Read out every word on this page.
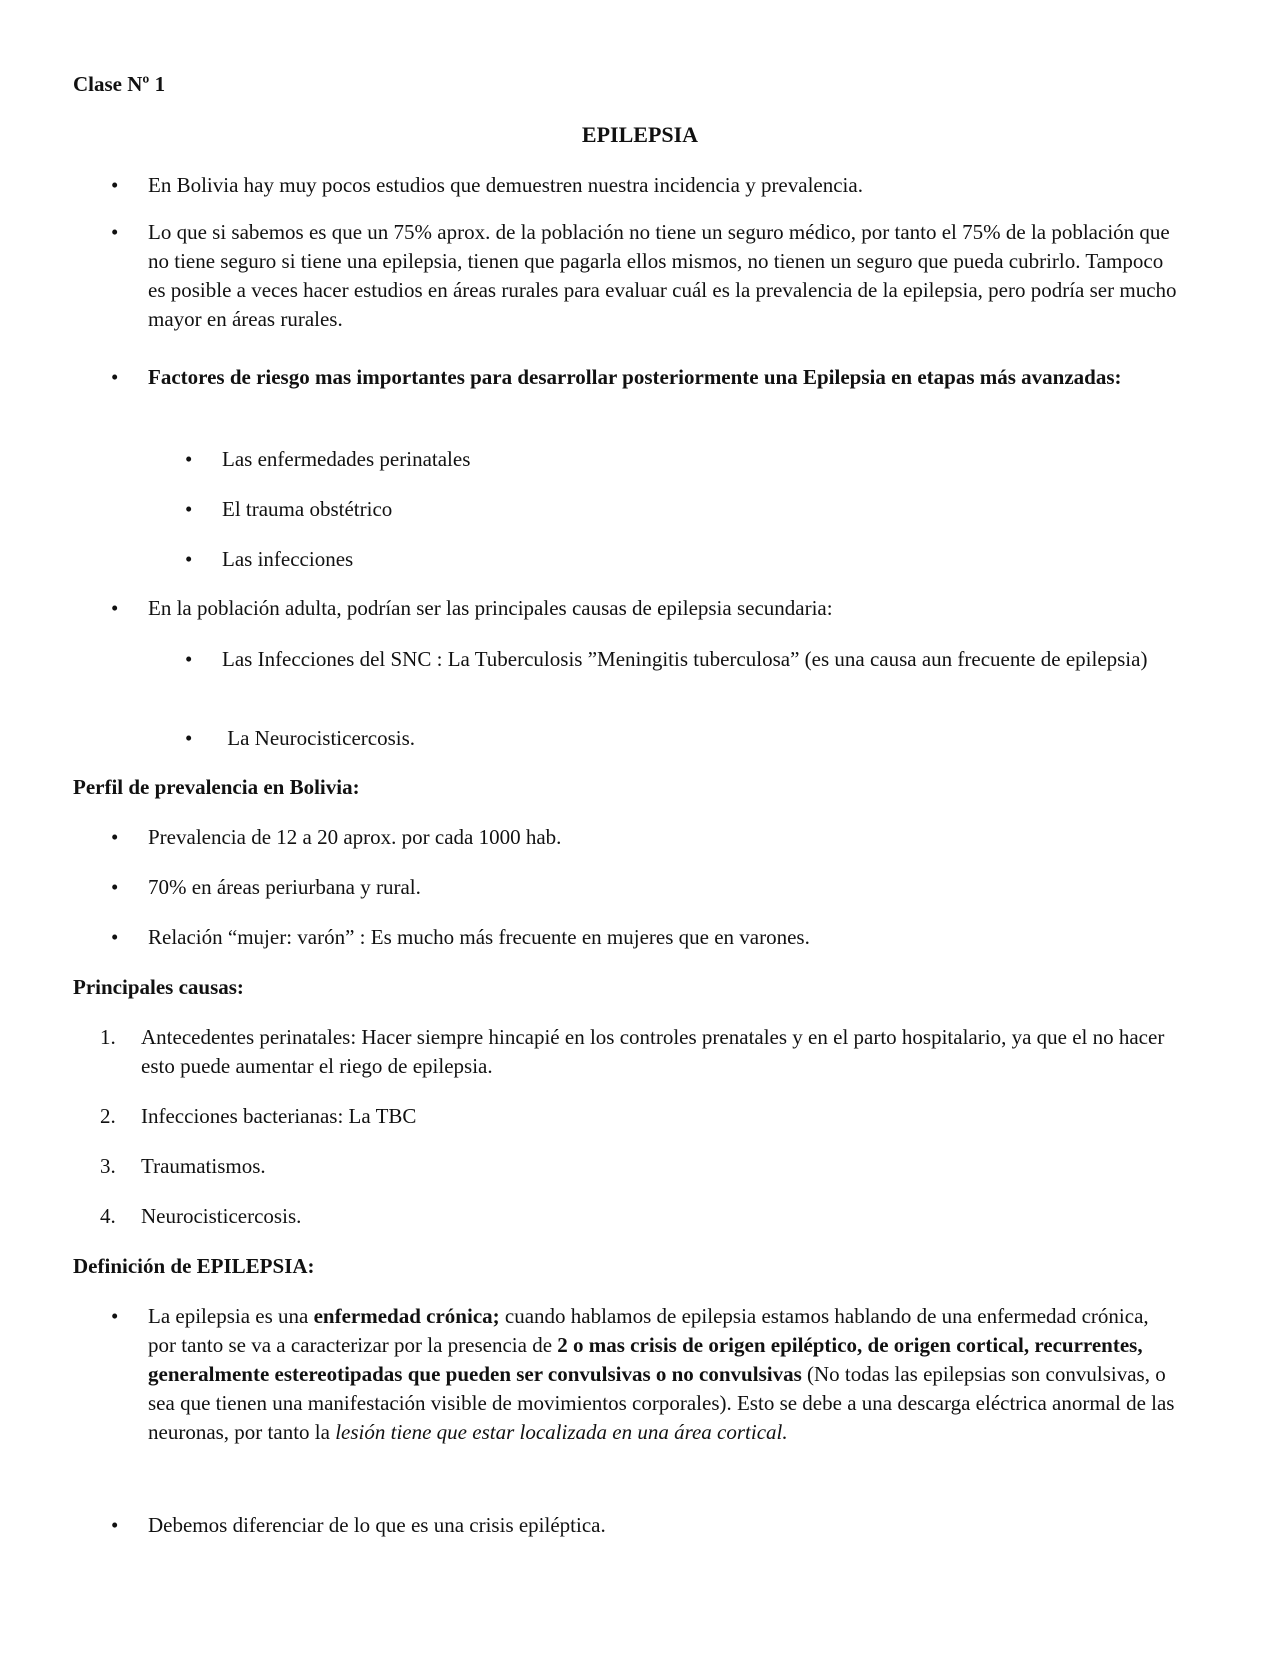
Clase Nº 1
EPILEPSIA
•	En Bolivia hay muy pocos estudios que demuestren nuestra incidencia y prevalencia.
•	Lo que si sabemos es que un 75% aprox. de la población no tiene un seguro médico, por tanto el 75% de la población que no tiene seguro si tiene una epilepsia, tienen que pagarla ellos mismos, no tienen un seguro que pueda cubrirlo. Tampoco es posible a veces hacer estudios en áreas rurales para evaluar cuál es la prevalencia de la epilepsia, pero podría ser mucho mayor en áreas rurales.
•	Factores de riesgo mas importantes para desarrollar posteriormente una Epilepsia en etapas más avanzadas:
•	Las enfermedades perinatales
•	El trauma obstétrico
•	Las infecciones
•	En la población adulta, podrían ser las principales causas de epilepsia secundaria:
•	Las Infecciones del SNC : La Tuberculosis ”Meningitis tuberculosa” (es una causa aun frecuente de epilepsia)
•	La Neurocisticercosis.
Perfil de prevalencia en Bolivia:
•	Prevalencia de 12 a 20 aprox. por cada 1000 hab.
•	70% en áreas periurbana y rural.
•	Relación “mujer: varón” : Es mucho más frecuente en mujeres que en varones.
Principales causas:
1.	Antecedentes perinatales: Hacer siempre hincapié en los controles prenatales y en el parto hospitalario, ya que el no hacer esto puede aumentar el riego de epilepsia.
2.	Infecciones bacterianas: La TBC
3.	Traumatismos.
4.	Neurocisticercosis.
Definición de EPILEPSIA:
•	La epilepsia es una enfermedad crónica; cuando hablamos de epilepsia estamos hablando de una enfermedad crónica, por tanto se va a caracterizar por la presencia de 2 o mas crisis de origen epiléptico, de origen cortical, recurrentes, generalmente estereotipadas que pueden ser convulsivas o no convulsivas (No todas las epilepsias son convulsivas, o sea que tienen una manifestación visible de movimientos corporales). Esto se debe a una descarga eléctrica anormal de las neuronas, por tanto la lesión tiene que estar localizada en una área cortical.
•	Debemos diferenciar de lo que es una crisis epiléptica.
